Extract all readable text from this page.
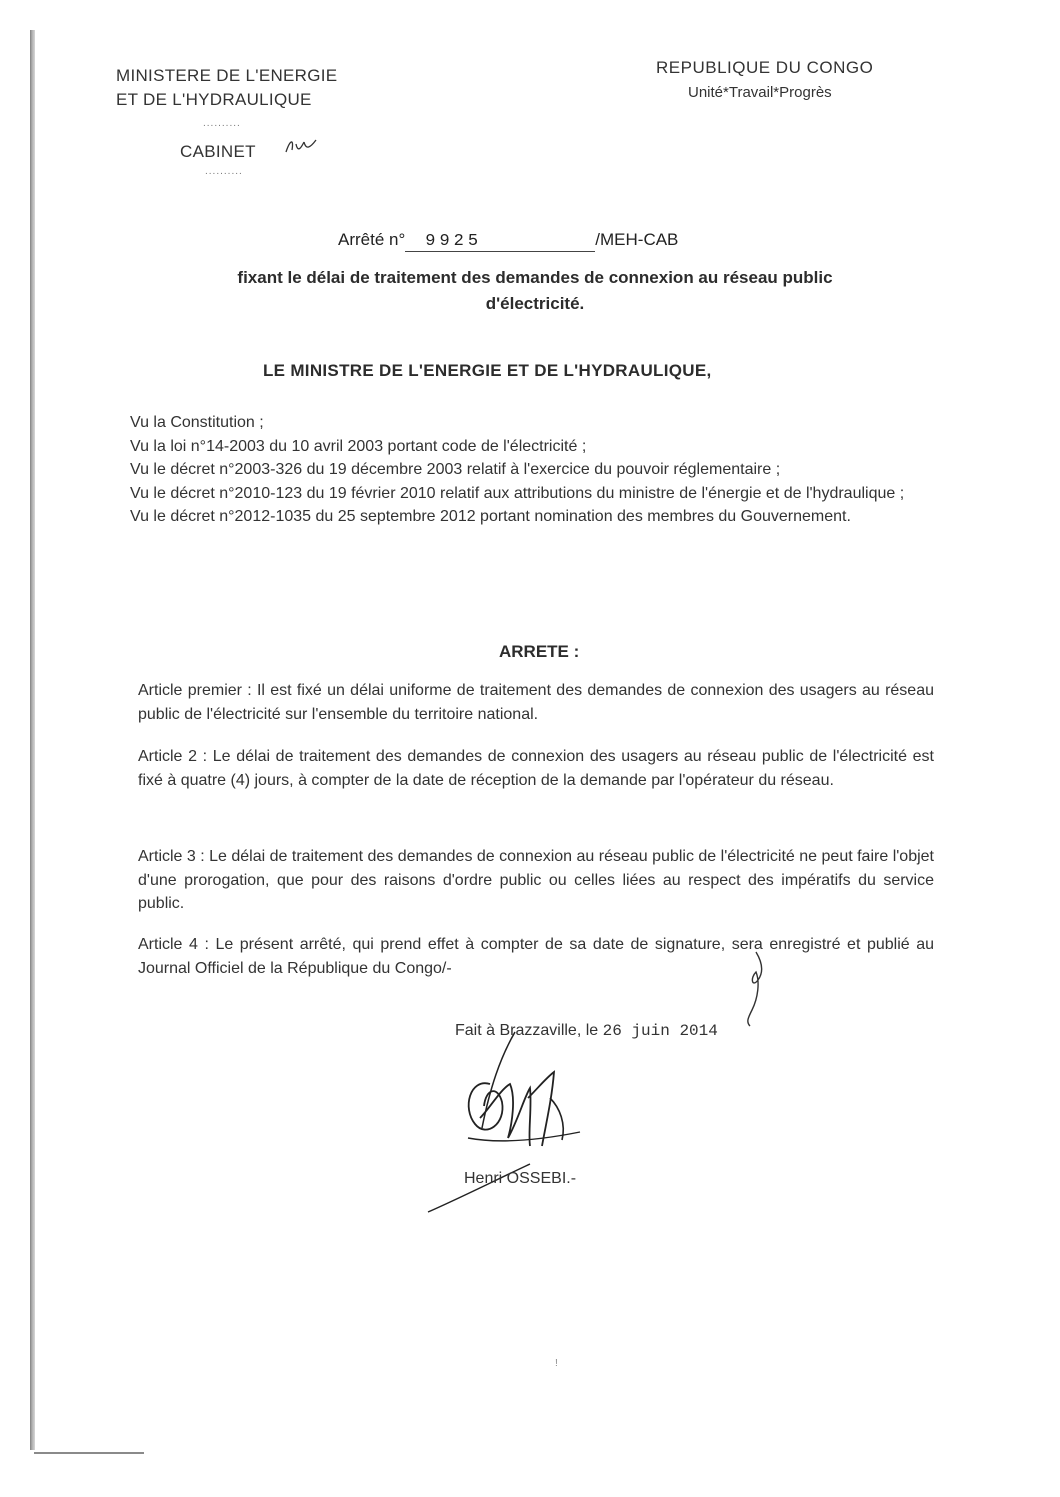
MINISTERE DE L'ENERGIE
ET DE L'HYDRAULIQUE
..........
CABINET
..........
REPUBLIQUE DU CONGO
Unité*Travail*Progrès
Arrêté n° 9925	/MEH-CAB
fixant le délai de traitement des demandes de connexion au réseau public
d'électricité.
LE MINISTRE DE L'ENERGIE ET DE L'HYDRAULIQUE,

Vu la Constitution ;

Vu la loi n°14-2003 du 10 avril 2003 portant code de l'électricité ;

Vu le décret n°2003-326 du 19 décembre 2003 relatif à l'exercice du pouvoir réglementaire ;

Vu le décret n°2010-123 du 19 février 2010 relatif aux attributions du ministre de l'énergie et de l'hydraulique ;

Vu le décret n°2012-1035 du 25 septembre 2012 portant nomination des membres du Gouvernement.

ARRETE :
Article premier : Il est fixé un délai uniforme de traitement des demandes de connexion des usagers au réseau public de l'électricité sur l'ensemble du territoire national.
Article 2 : Le délai de traitement des demandes de connexion des usagers au réseau public de l'électricité est fixé à quatre (4) jours, à compter de la date de réception de la demande par l'opérateur du réseau.
Article 3 : Le délai de traitement des demandes de connexion au réseau public de l'électricité ne peut faire l'objet d'une prorogation, que pour des raisons d'ordre public ou celles liées au respect des impératifs du service public.
Article 4 : Le présent arrêté, qui prend effet à compter de sa date de signature, sera enregistré et publié au Journal Officiel de la République du Congo/-
Fait à Brazzaville, le 26 juin 2014
Henri OSSEBI.-
!
